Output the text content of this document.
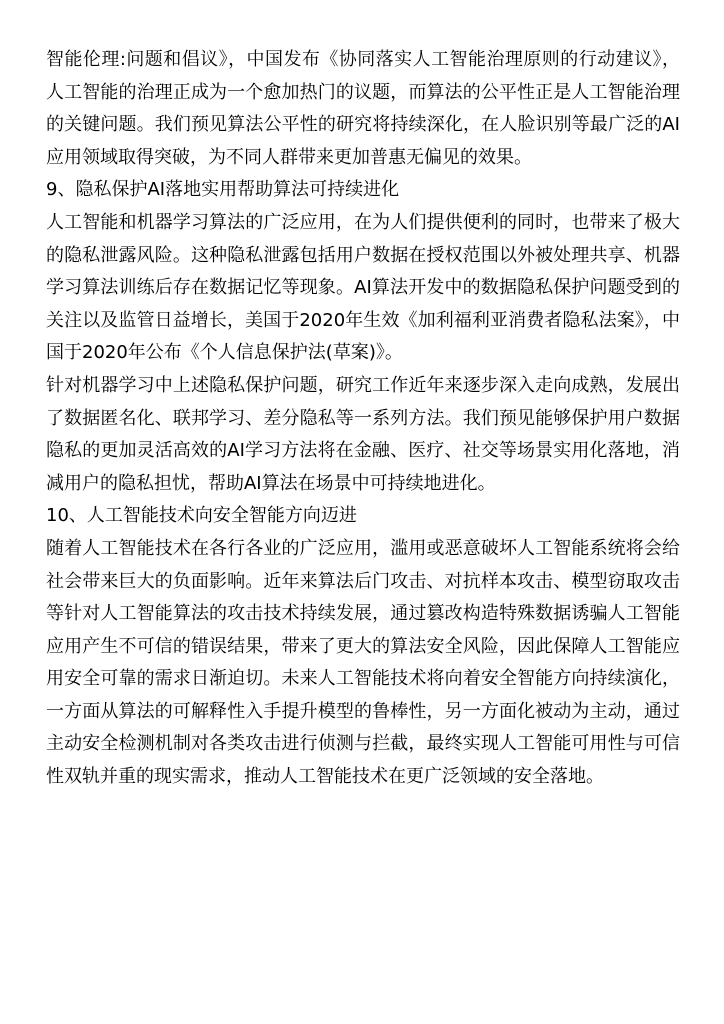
智能伦理:问题和倡议》，中国发布《协同落实人工智能治理原则的行动建议》，人工智能的治理正成为一个愈加热门的议题，而算法的公平性正是人工智能治理的关键问题。我们预见算法公平性的研究将持续深化，在人脸识别等最广泛的AI应用领域取得突破，为不同人群带来更加普惠无偏见的效果。

9、隐私保护AI落地实用帮助算法可持续进化

人工智能和机器学习算法的广泛应用，在为人们提供便利的同时，也带来了极大的隐私泄露风险。这种隐私泄露包括用户数据在授权范围以外被处理共享、机器学习算法训练后存在数据记忆等现象。AI算法开发中的数据隐私保护问题受到的关注以及监管日益增长，美国于2020年生效《加利福利亚消费者隐私法案》，中国于2020年公布《个人信息保护法(草案)》。

针对机器学习中上述隐私保护问题，研究工作近年来逐步深入走向成熟，发展出了数据匿名化、联邦学习、差分隐私等一系列方法。我们预见能够保护用户数据隐私的更加灵活高效的AI学习方法将在金融、医疗、社交等场景实用化落地，消减用户的隐私担忧，帮助AI算法在场景中可持续地进化。

10、人工智能技术向安全智能方向迈进

随着人工智能技术在各行各业的广泛应用，滥用或恶意破坏人工智能系统将会给社会带来巨大的负面影响。近年来算法后门攻击、对抗样本攻击、模型窃取攻击等针对人工智能算法的攻击技术持续发展，通过篡改构造特殊数据诱骗人工智能应用产生不可信的错误结果，带来了更大的算法安全风险，因此保障人工智能应用安全可靠的需求日渐迫切。未来人工智能技术将向着安全智能方向持续演化，一方面从算法的可解释性入手提升模型的鲁棒性，另一方面化被动为主动，通过主动安全检测机制对各类攻击进行侦测与拦截，最终实现人工智能可用性与可信性双轨并重的现实需求，推动人工智能技术在更广泛领域的安全落地。
